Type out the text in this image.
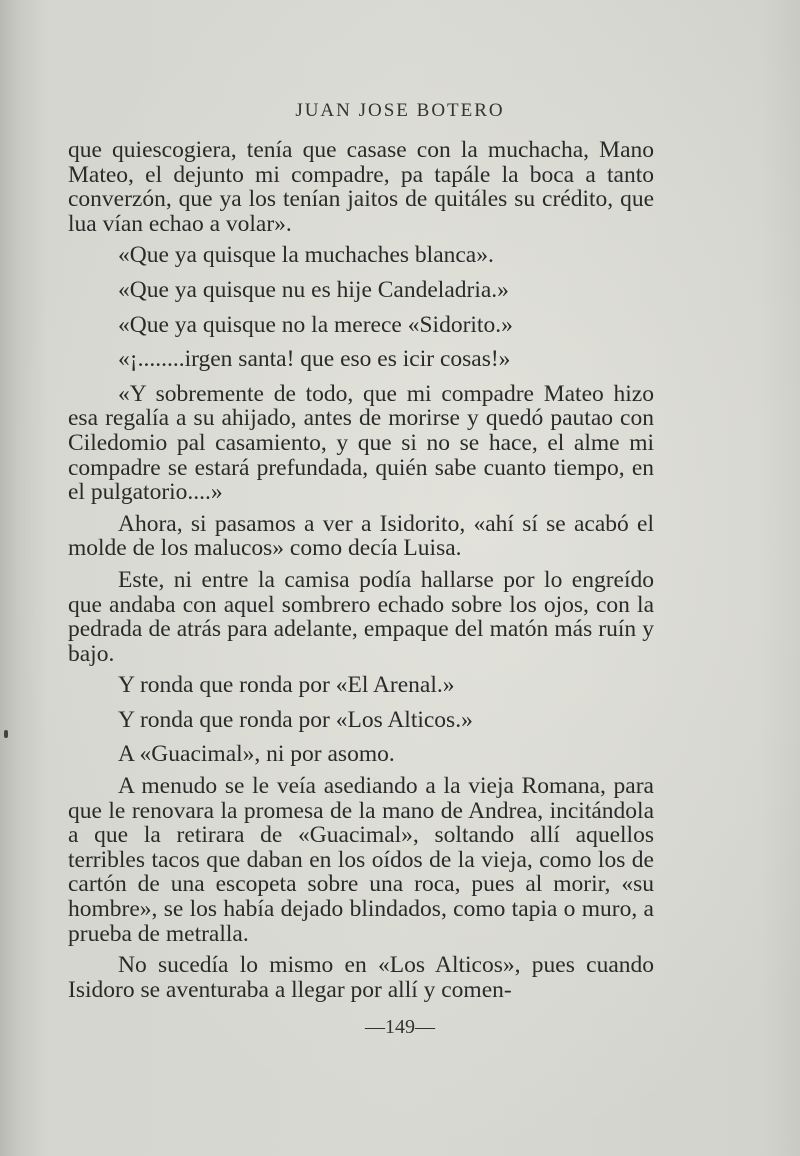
JUAN JOSE BOTERO

que quiescogiera, tenía que casase con la muchacha, Mano Mateo, el dejunto mi compadre, pa tapále la boca a tanto converzón, que ya los tenían jaitos de quitáles su crédito, que lua vían echao a volar».

«Que ya quisque la muchaches blanca».

«Que ya quisque nu es hije Candeladria.»

«Que ya quisque no la merece «Sidorito.»

«¡........irgen santa! que eso es icir cosas!»

«Y sobremente de todo, que mi compadre Mateo hizo esa regalía a su ahijado, antes de morirse y quedó pautao con Ciledomio pal casamiento, y que si no se hace, el alme mi compadre se estará prefundada, quién sabe cuanto tiempo, en el pulgatorio....»

Ahora, si pasamos a ver a Isidorito, «ahí sí se acabó el molde de los malucos» como decía Luisa.

Este, ni entre la camisa podía hallarse por lo engreído que andaba con aquel sombrero echado sobre los ojos, con la pedrada de atrás para adelante, empaque del matón más ruín y bajo.

Y ronda que ronda por «El Arenal.»

Y ronda que ronda por «Los Alticos.»

A «Guacimal», ni por asomo.

A menudo se le veía asediando a la vieja Romana, para que le renovara la promesa de la mano de Andrea, incitándola a que la retirara de «Guacimal», soltando allí aquellos terribles tacos que daban en los oídos de la vieja, como los de cartón de una escopeta sobre una roca, pues al morir, «su hombre», se los había dejado blindados, como tapia o muro, a prueba de metralla.

No sucedía lo mismo en «Los Alticos», pues cuando Isidoro se aventuraba a llegar por allí y comen-

—149—
